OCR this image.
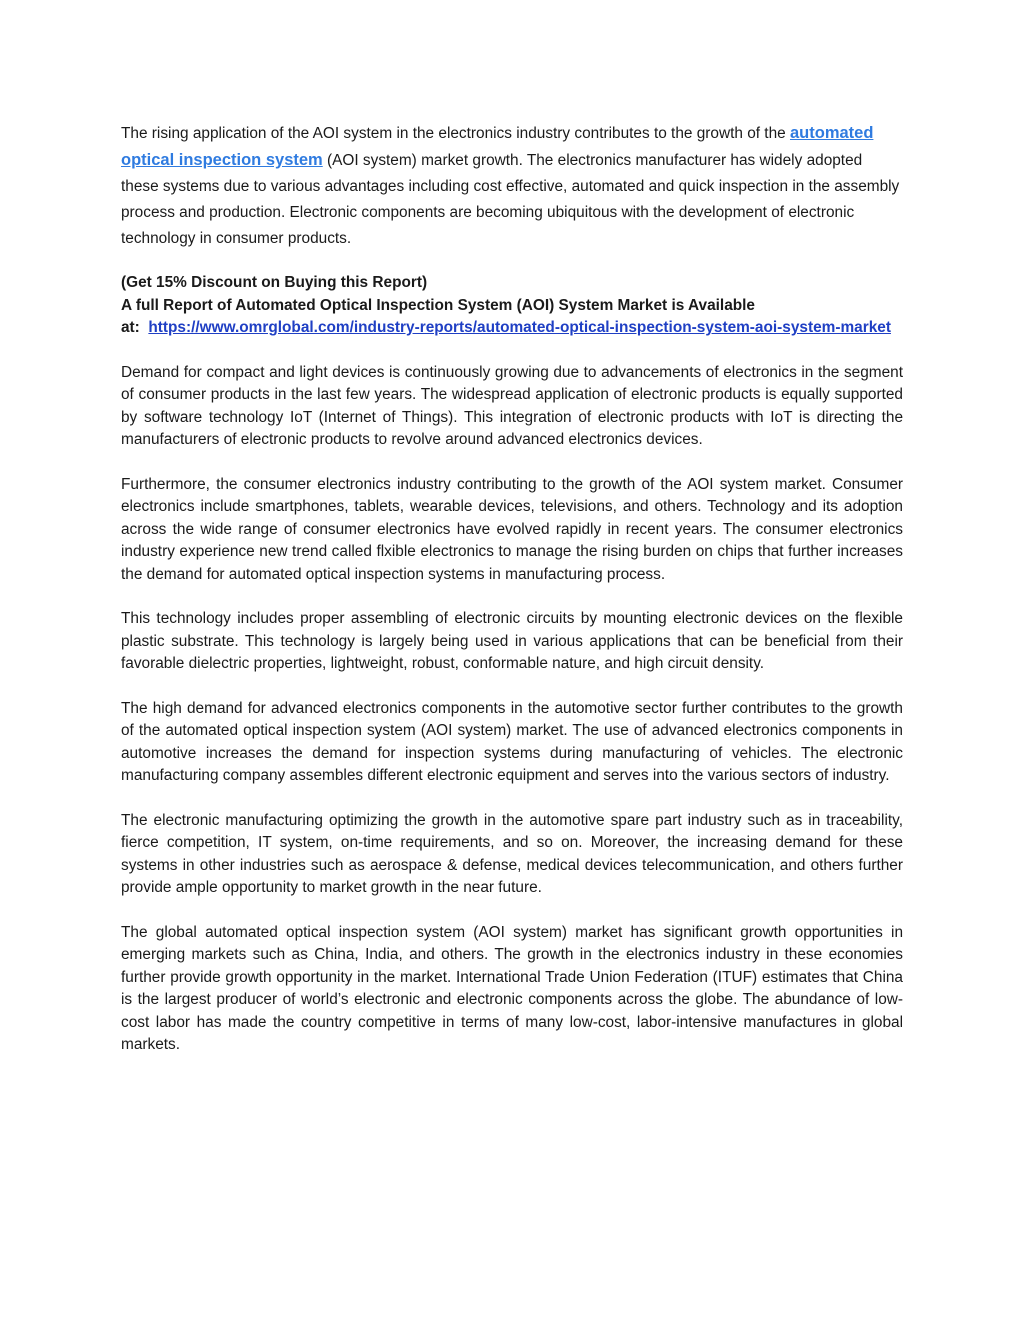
The rising application of the AOI system in the electronics industry contributes to the growth of the automated optical inspection system (AOI system) market growth. The electronics manufacturer has widely adopted these systems due to various advantages including cost effective, automated and quick inspection in the assembly process and production. Electronic components are becoming ubiquitous with the development of electronic technology in consumer products.

(Get 15% Discount on Buying this Report)

A full Report of Automated Optical Inspection System (AOI) System Market is Available

at: https://www.omrglobal.com/industry-reports/automated-optical-inspection-system-aoi-system-market

Demand for compact and light devices is continuously growing due to advancements of electronics in the segment of consumer products in the last few years. The widespread application of electronic products is equally supported by software technology IoT (Internet of Things). This integration of electronic products with IoT is directing the manufacturers of electronic products to revolve around advanced electronics devices.

Furthermore, the consumer electronics industry contributing to the growth of the AOI system market. Consumer electronics include smartphones, tablets, wearable devices, televisions, and others. Technology and its adoption across the wide range of consumer electronics have evolved rapidly in recent years. The consumer electronics industry experience new trend called flxible electronics to manage the rising burden on chips that further increases the demand for automated optical inspection systems in manufacturing process.

This technology includes proper assembling of electronic circuits by mounting electronic devices on the flexible plastic substrate. This technology is largely being used in various applications that can be beneficial from their favorable dielectric properties, lightweight, robust, conformable nature, and high circuit density.

The high demand for advanced electronics components in the automotive sector further contributes to the growth of the automated optical inspection system (AOI system) market. The use of advanced electronics components in automotive increases the demand for inspection systems during manufacturing of vehicles. The electronic manufacturing company assembles different electronic equipment and serves into the various sectors of industry.

The electronic manufacturing optimizing the growth in the automotive spare part industry such as in traceability, fierce competition, IT system, on-time requirements, and so on. Moreover, the increasing demand for these systems in other industries such as aerospace & defense, medical devices telecommunication, and others further provide ample opportunity to market growth in the near future.

The global automated optical inspection system (AOI system) market has significant growth opportunities in emerging markets such as China, India, and others. The growth in the electronics industry in these economies further provide growth opportunity in the market. International Trade Union Federation (ITUF) estimates that China is the largest producer of world’s electronic and electronic components across the globe. The abundance of low-cost labor has made the country competitive in terms of many low-cost, labor-intensive manufactures in global markets.
